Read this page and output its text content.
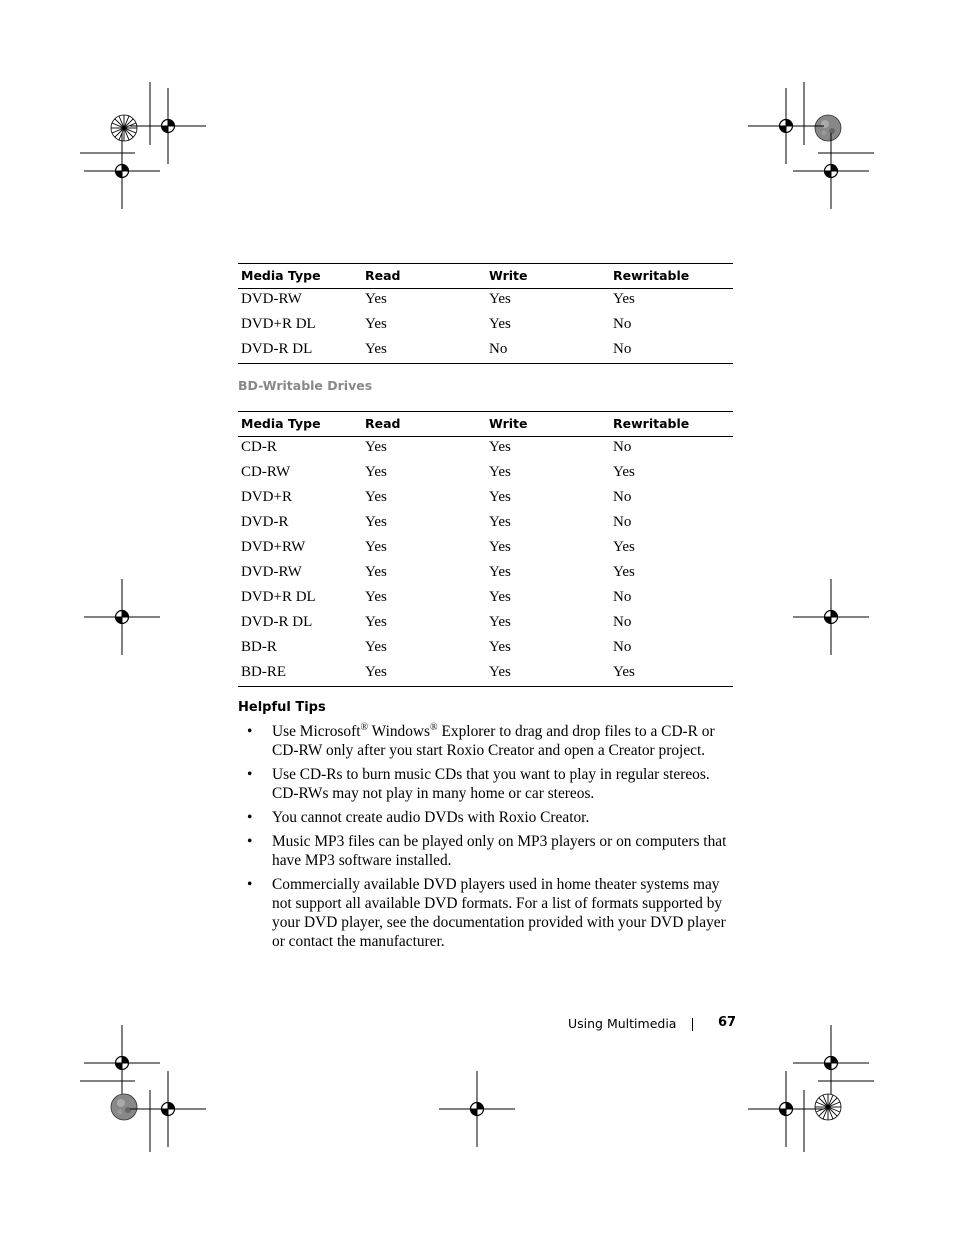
Media Type	Read	Write	Rewritable
DVD-RW	Yes	Yes	Yes
DVD+R DL	Yes	Yes	No
DVD-R DL	Yes	No	No
BD-Writable Drives
Media Type	Read	Write	Rewritable
CD-R	Yes	Yes	No
CD-RW	Yes	Yes	Yes
DVD+R	Yes	Yes	No
DVD-R	Yes	Yes	No
DVD+RW	Yes	Yes	Yes
DVD-RW	Yes	Yes	Yes
DVD+R DL	Yes	Yes	No
DVD-R DL	Yes	Yes	No
BD-R	Yes	Yes	No
BD-RE	Yes	Yes	Yes
Helpful Tips
• Use Microsoft® Windows® Explorer to drag and drop files to a CD-R or CD-RW only after you start Roxio Creator and open a Creator project.
• Use CD-Rs to burn music CDs that you want to play in regular stereos. CD-RWs may not play in many home or car stereos.
• You cannot create audio DVDs with Roxio Creator.
• Music MP3 files can be played only on MP3 players or on computers that have MP3 software installed.
• Commercially available DVD players used in home theater systems may not support all available DVD formats. For a list of formats supported by your DVD player, see the documentation provided with your DVD player or contact the manufacturer.
Using Multimedia	67
